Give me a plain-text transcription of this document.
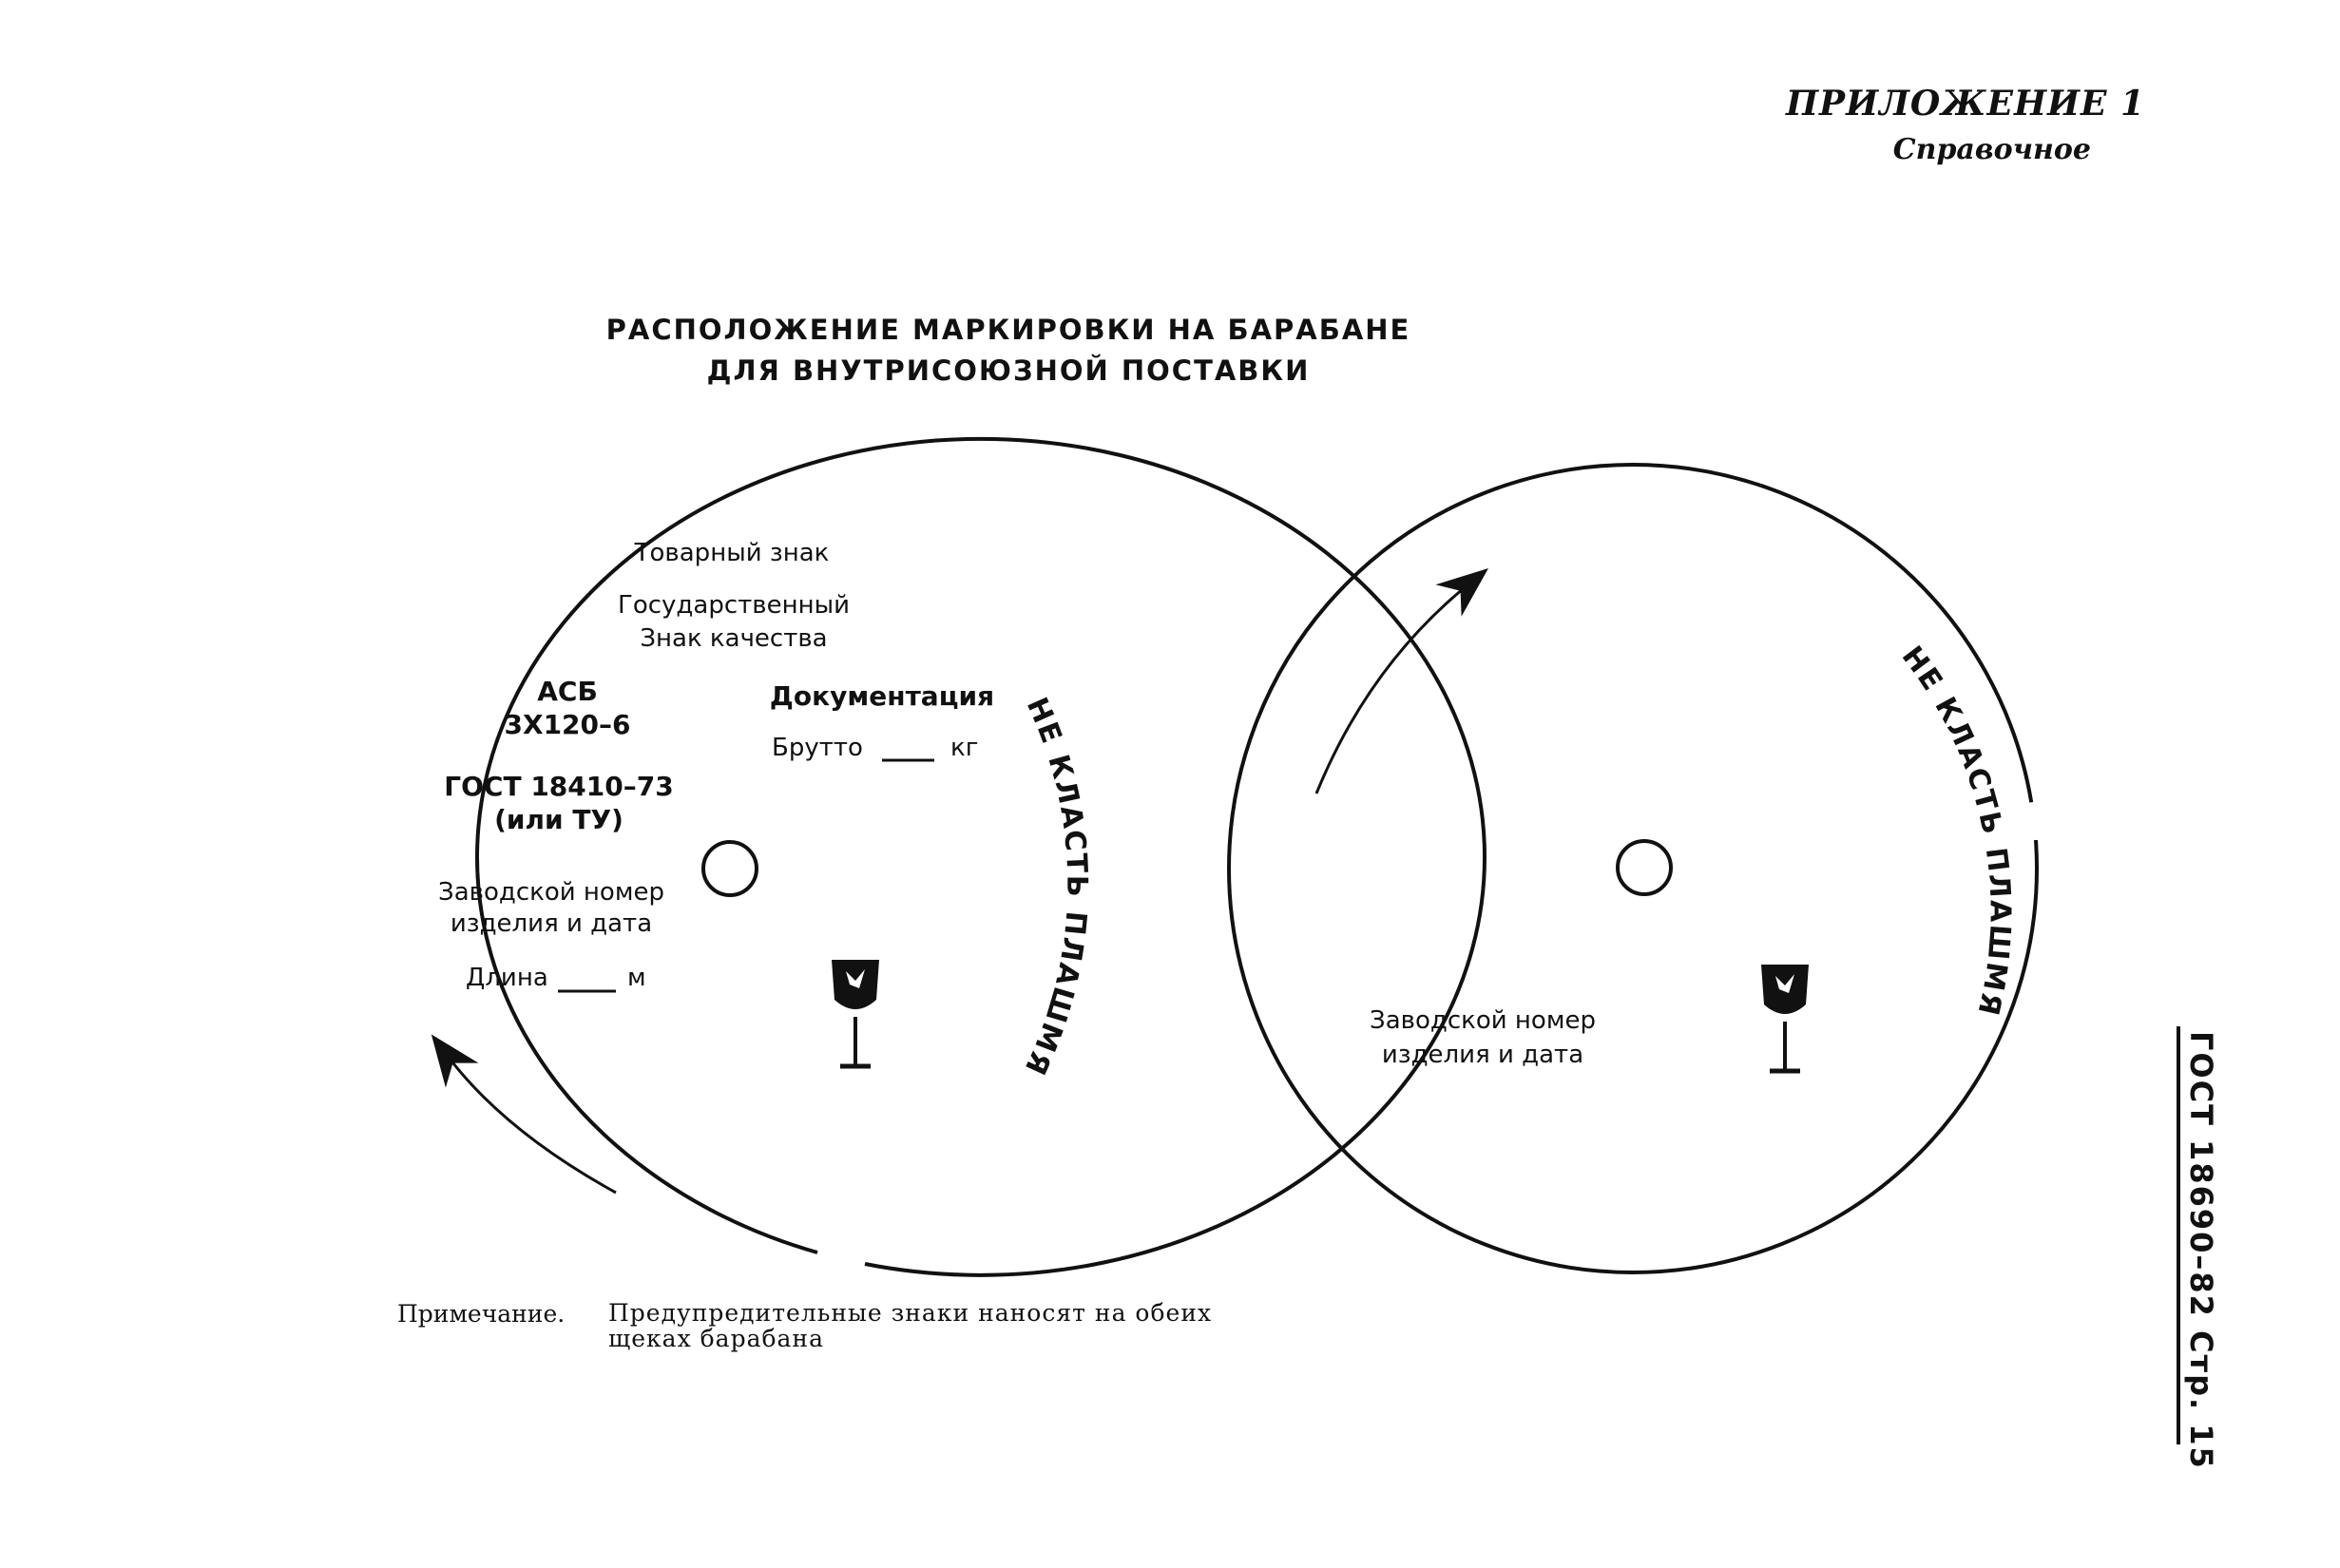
ПРИЛОЖЕНИЕ 1
Справочное
РАСПОЛОЖЕНИЕ МАРКИРОВКИ НА БАРАБАНЕ
ДЛЯ ВНУТРИСОЮЗНОЙ ПОСТАВКИ
Товарный знак
Государственный
Знак качества
АСБ
3Х120–6
ГОСТ 18410–73
(или ТУ)
Документация
Брутто	кг
Заводской номер
изделия и дата
Длина	м
НЕ КЛАСТЬ ПЛАШМЯ
НЕ КЛАСТЬ ПЛАШМЯ
Заводской номер
изделия и дата
Примечание. Предупредительные знаки наносят на обеих щеках барабана	ГОСТ 18690–82 Стр. 15
